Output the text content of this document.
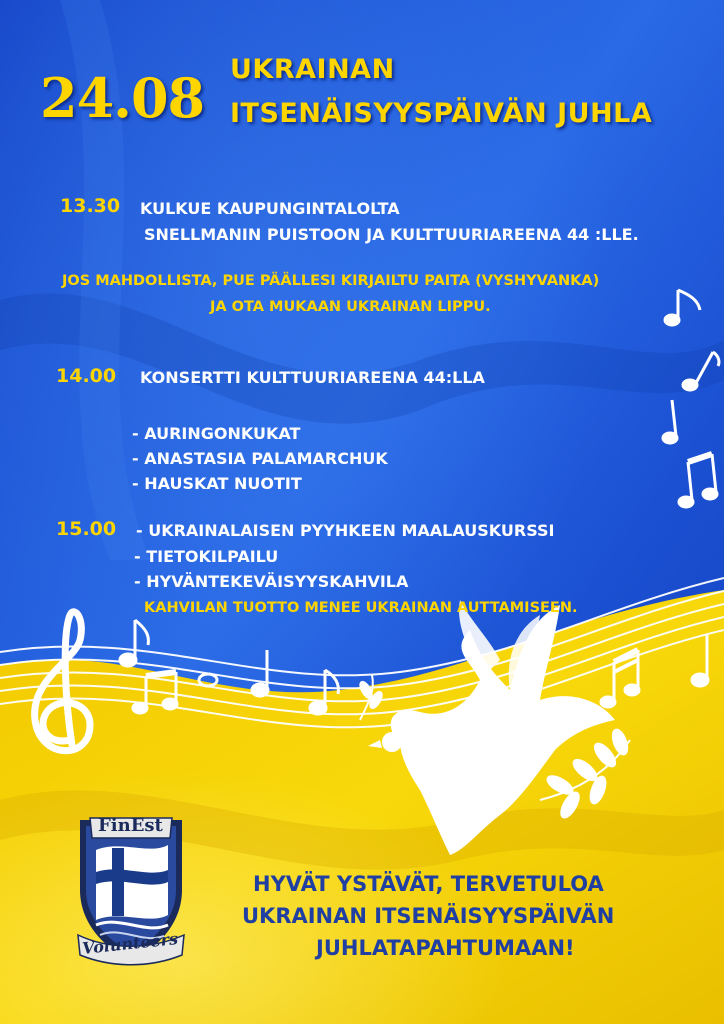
24.08 UKRAINAN
ITSENÄISYYSPÄIVÄN JUHLA
13.30 KULKUE KAUPUNGINTALOLTA
SNELLMANIN PUISTOON JA KULTTUURIAREENA 44 :LLE.
JOS MAHDOLLISTA, PUE PÄÄLLESI KIRJAILTU PAITA (VYSHYVANKA)
JA OTA MUKAAN UKRAINAN LIPPU.
14.00 KONSERTTI KULTTUURIAREENA 44:LLA
- AURINGONKUKAT
- ANASTASIA PALAMARCHUK
- HAUSKAT NUOTIT
15.00 - UKRAINALAISEN PYYHKEEN MAALAUSKURSSI
- TIETOKILPAILU
- HYVÄNTEKEVÄISYYSKAHVILA
KAHVILAN TUOTTO MENEE UKRAINAN AUTTAMISEEN.
FinEst
Volunteers
HYVÄT YSTÄVÄT, TERVETULOA
UKRAINAN ITSENÄISYYSPÄIVÄN
JUHLATAPAHTUMAAN!
